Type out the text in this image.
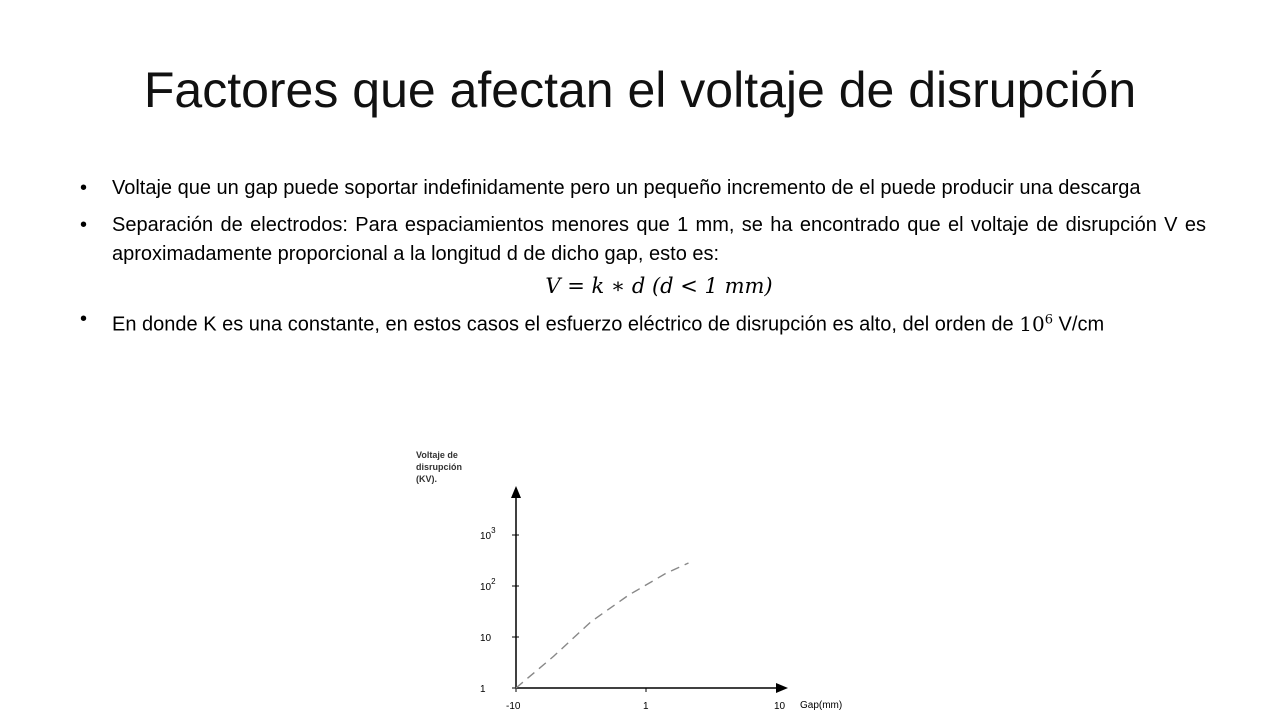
Factores que afectan el voltaje de disrupción
• Voltaje que un gap puede soportar indefinidamente pero un pequeño incremento de el puede producir una descarga
• Separación de electrodos: Para espaciamientos menores que 1 mm, se ha encontrado que el voltaje de disrupción V es aproximadamente proporcional a la longitud d de dicho gap, esto es:
V = k ∗ d (d < 1 mm)
• En donde K es una constante, en estos casos el esfuerzo eléctrico de disrupción es alto, del orden de $10^6$ V/cm
Voltaje de
disrupción
(KV).
1
10
$10^2$
$10^3$
-10	1	10 Gap(mm)
